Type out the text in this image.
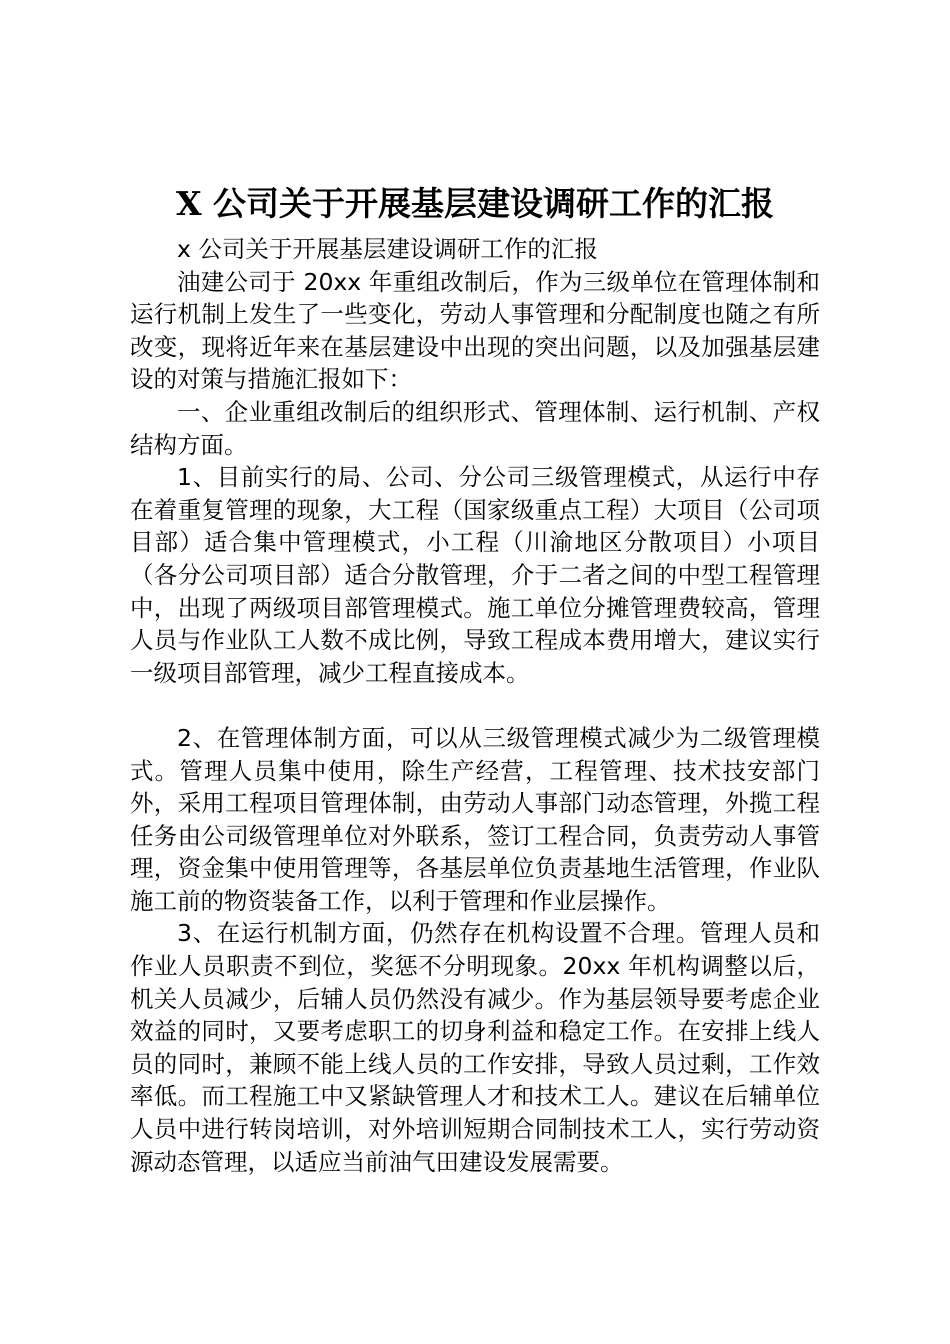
X 公司关于开展基层建设调研工作的汇报

x 公司关于开展基层建设调研工作的汇报

油建公司于 20xx 年重组改制后，作为三级单位在管理体制和运行机制上发生了一些变化，劳动人事管理和分配制度也随之有所改变，现将近年来在基层建设中出现的突出问题，以及加强基层建设的对策与措施汇报如下：

一、企业重组改制后的组织形式、管理体制、运行机制、产权结构方面。

1、目前实行的局、公司、分公司三级管理模式，从运行中存在着重复管理的现象，大工程（国家级重点工程）大项目（公司项目部）适合集中管理模式，小工程（川渝地区分散项目）小项目（各分公司项目部）适合分散管理，介于二者之间的中型工程管理中，出现了两级项目部管理模式。施工单位分摊管理费较高，管理人员与作业队工人数不成比例，导致工程成本费用增大，建议实行一级项目部管理，减少工程直接成本。

2、在管理体制方面，可以从三级管理模式减少为二级管理模式。管理人员集中使用，除生产经营，工程管理、技术技安部门外，采用工程项目管理体制，由劳动人事部门动态管理，外揽工程任务由公司级管理单位对外联系，签订工程合同，负责劳动人事管理，资金集中使用管理等，各基层单位负责基地生活管理，作业队施工前的物资装备工作，以利于管理和作业层操作。

3、在运行机制方面，仍然存在机构设置不合理。管理人员和作业人员职责不到位，奖惩不分明现象。20xx 年机构调整以后，机关人员减少，后辅人员仍然没有减少。作为基层领导要考虑企业效益的同时，又要考虑职工的切身利益和稳定工作。在安排上线人员的同时，兼顾不能上线人员的工作安排，导致人员过剩，工作效率低。而工程施工中又紧缺管理人才和技术工人。建议在后辅单位人员中进行转岗培训，对外培训短期合同制技术工人，实行劳动资源动态管理，以适应当前油气田建设发展需要。
